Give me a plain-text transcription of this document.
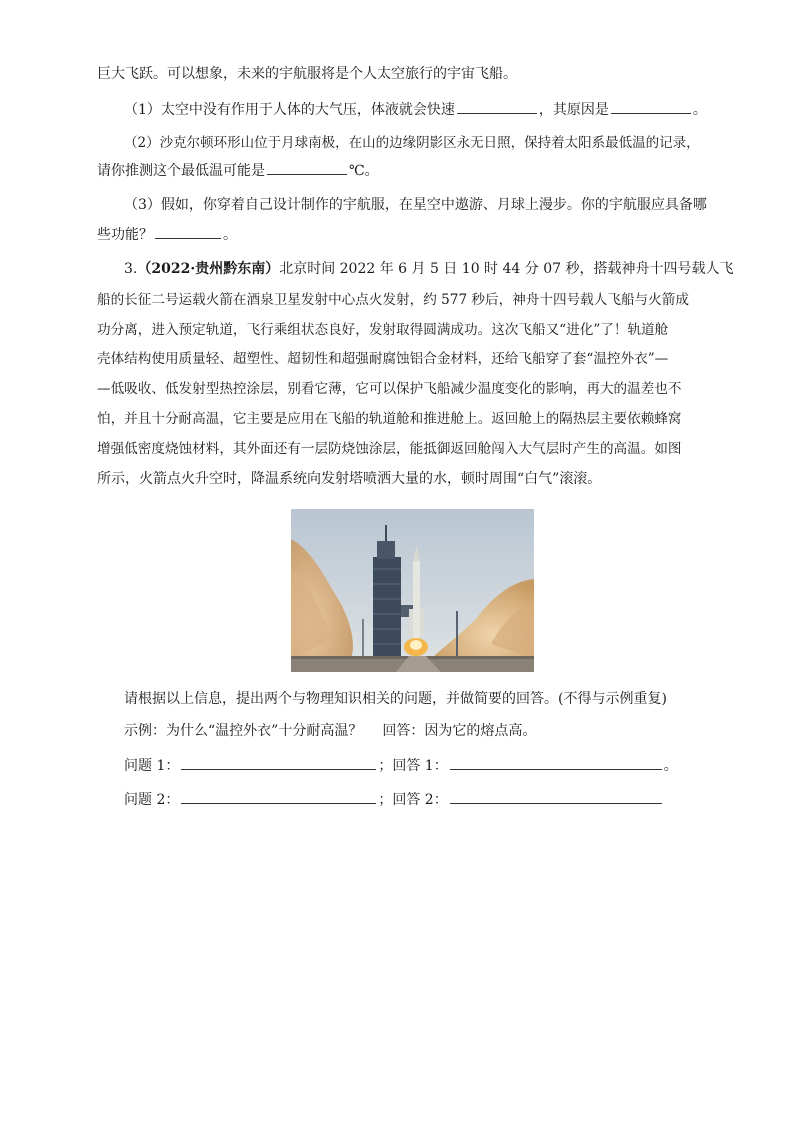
巨大飞跃。可以想象，未来的宇航服将是个人太空旅行的宇宙飞船。
（1）太空中没有作用于人体的大气压，体液就会快速	，其原因是	。
（2）沙克尔顿环形山位于月球南极，在山的边缘阴影区永无日照，保持着太阳系最低温的记录，
请你推测这个最低温可能是	℃。
（3）假如，你穿着自己设计制作的宇航服，在星空中遨游、月球上漫步。你的宇航服应具备哪
些功能？	。
3.（2022·贵州黔东南）北京时间 2022 年 6 月 5 日 10 时 44 分 07 秒，搭载神舟十四号载人飞
船的长征二号运载火箭在酒泉卫星发射中心点火发射，约 577 秒后，神舟十四号载人飞船与火箭成
功分离，进入预定轨道，飞行乘组状态良好，发射取得圆满成功。这次飞船又“进化”了！轨道舱
壳体结构使用质量轻、超塑性、超韧性和超强耐腐蚀铝合金材料，还给飞船穿了套“温控外衣”—
—低吸收、低发射型热控涂层，别看它薄，它可以保护飞船减少温度变化的影响，再大的温差也不
怕，并且十分耐高温，它主要是应用在飞船的轨道舱和推进舱上。返回舱上的隔热层主要依赖蜂窝
增强低密度烧蚀材料，其外面还有一层防烧蚀涂层，能抵御返回舱闯入大气层时产生的高温。如图
所示，火箭点火升空时，降温系统向发射塔喷洒大量的水，顿时周围“白气”滚滚。
请根据以上信息，提出两个与物理知识相关的问题，并做简要的回答。(不得与示例重复)
示例：为什么“温控外衣”十分耐高温？ 回答：因为它的熔点高。
问题 1：	；回答 1：	。
问题 2：	；回答 2：
